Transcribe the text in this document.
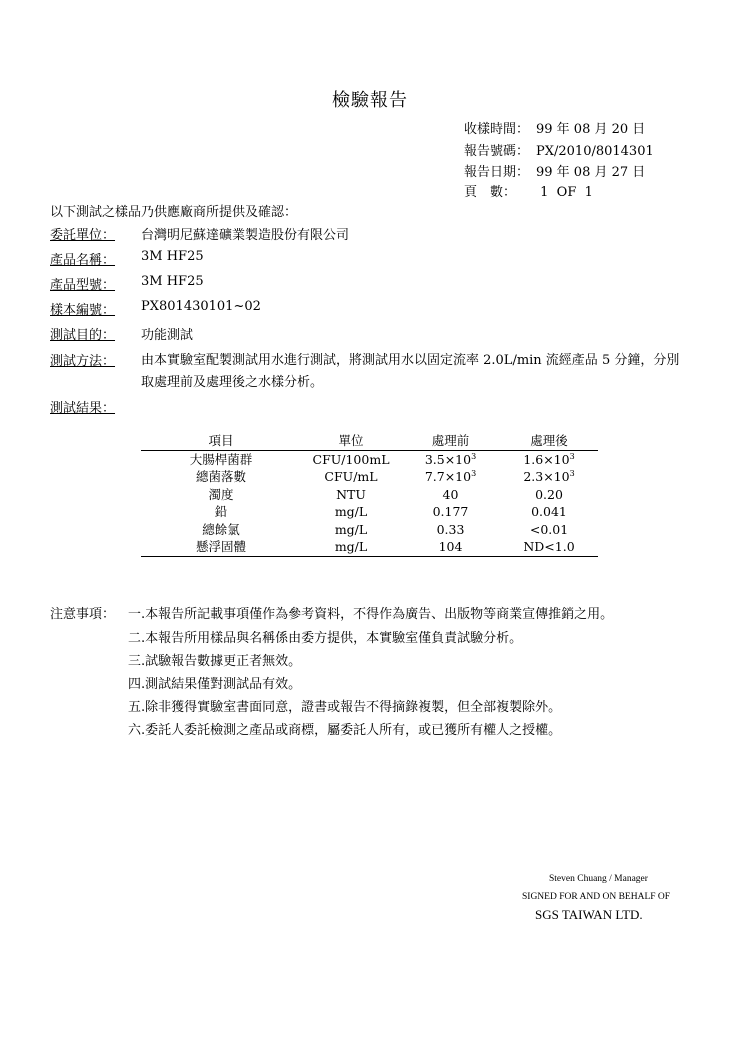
檢驗報告
收樣時間： 99 年 08 月 20 日
報告號碼： PX/2010/8014301
報告日期： 99 年 08 月 27 日
頁　數： 1  OF  1
以下測試之樣品乃供應廠商所提供及確認：
委託單位： 台灣明尼蘇達礦業製造股份有限公司
產品名稱： 3M HF25
產品型號： 3M HF25
樣本編號： PX801430101~02
測試目的： 功能測試
測試方法：	由本實驗室配製測試用水進行測試，將測試用水以固定流率 2.0L/min 流經產品 5 分鐘，分別取處理前及處理後之水樣分析。
測試結果：
項目	單位	處理前	處理後
大腸桿菌群	CFU/100mL	$3.5\times 10^3$	$1.6\times 10^3$
總菌落數	CFU/mL	$7.7\times 10^3$	$2.3\times 10^3$
濁度	NTU	40	0.20
鉛	mg/L	0.177	0.041
總餘氯	mg/L	0.33	<0.01
懸浮固體	mg/L	104	ND<1.0
注意事項： 一.本報告所記載事項僅作為參考資料，不得作為廣告、出版物等商業宣傳推銷之用。
二.本報告所用樣品與名稱係由委方提供，本實驗室僅負責試驗分析。
三.試驗報告數據更正者無效。
四.測試結果僅對測試品有效。
五.除非獲得實驗室書面同意，證書或報告不得摘錄複製，但全部複製除外。
六.委託人委託檢測之產品或商標，屬委託人所有，或已獲所有權人之授權。
Steven Chuang / Manager
SIGNED FOR AND ON BEHALF OF
SGS TAIWAN LTD.
